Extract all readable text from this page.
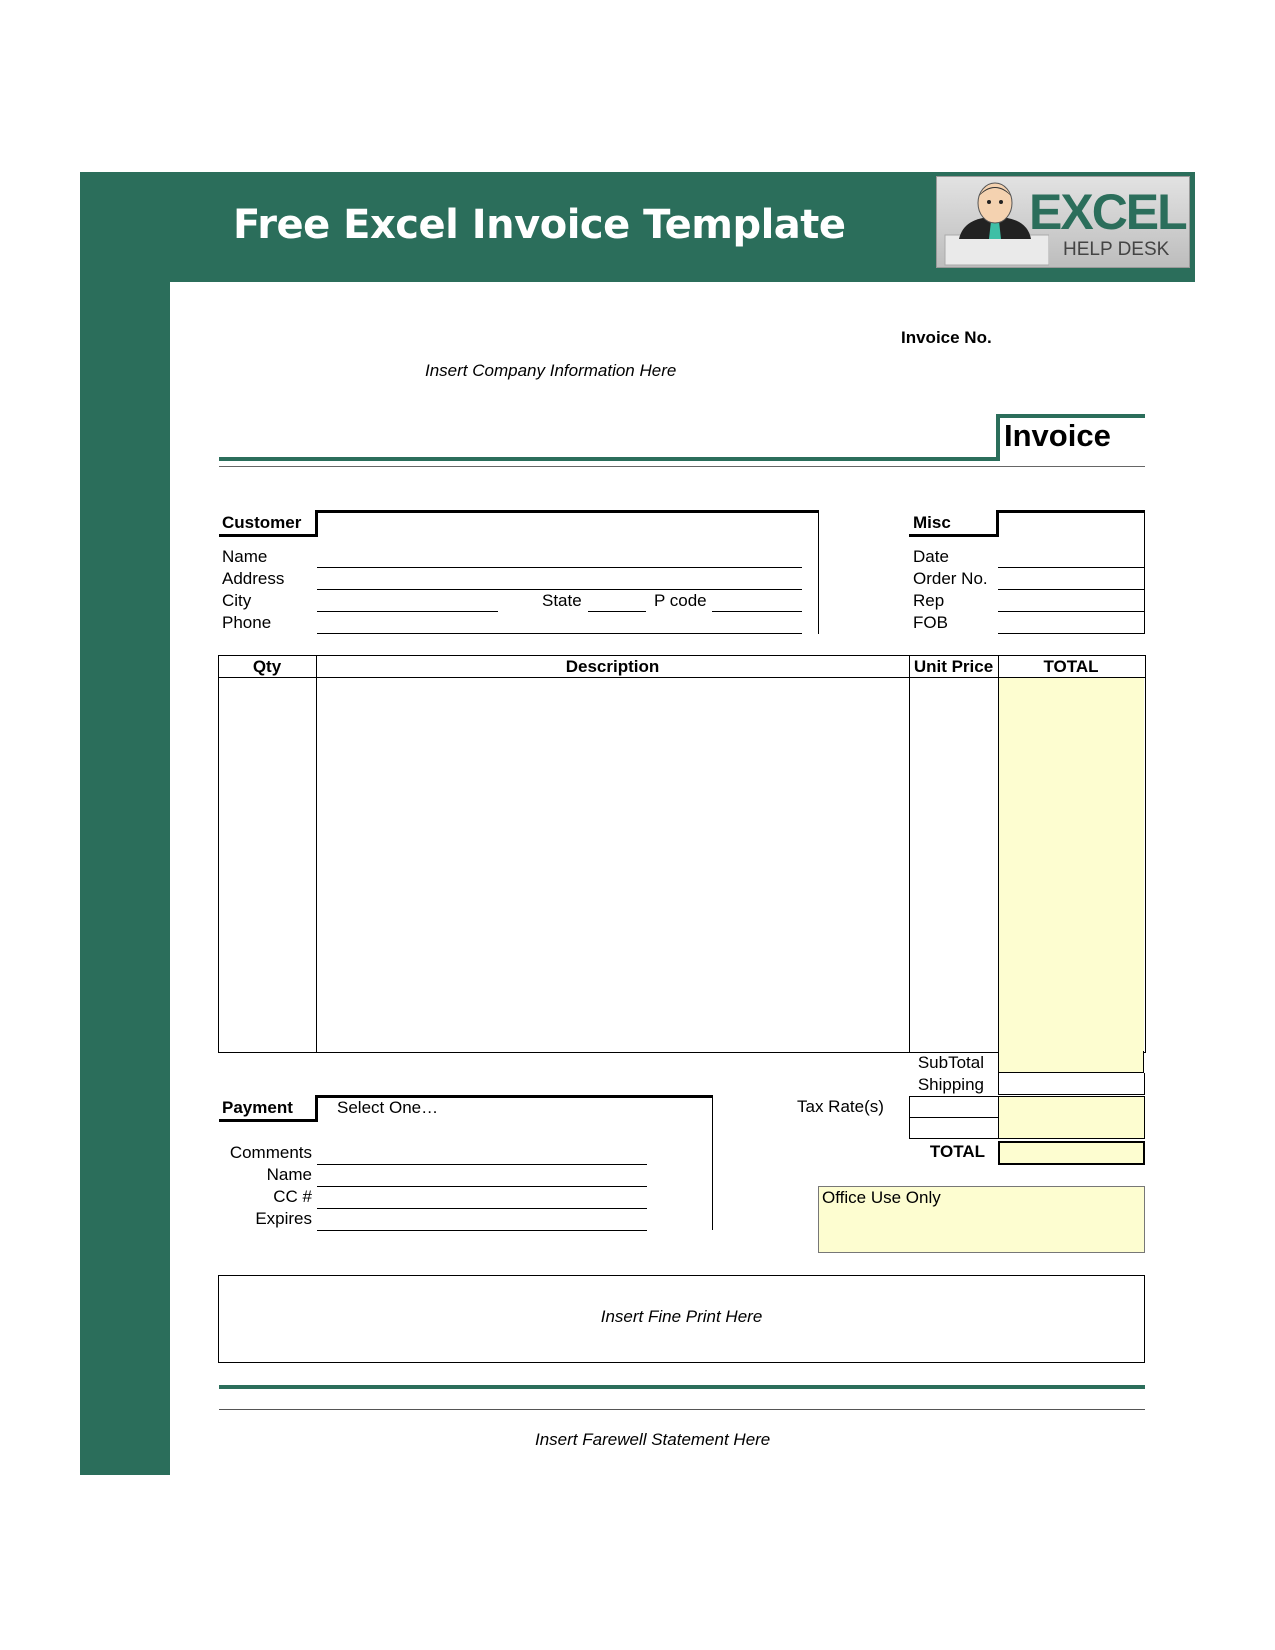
Free Excel Invoice Template	EXCEL
HELP DESK
Invoice No.
Insert Company Information Here
Invoice
Customer
Name
Address
City	State	P code
Phone
Misc
Date
Order No.
Rep
FOB
Qty	Description	Unit Price	TOTAL
SubTotal
Shipping
Tax Rate(s)
TOTAL
Payment	Select One…
Comments
Name
CC #
Expires
Office Use Only
Insert Fine Print Here
Insert Farewell Statement Here
